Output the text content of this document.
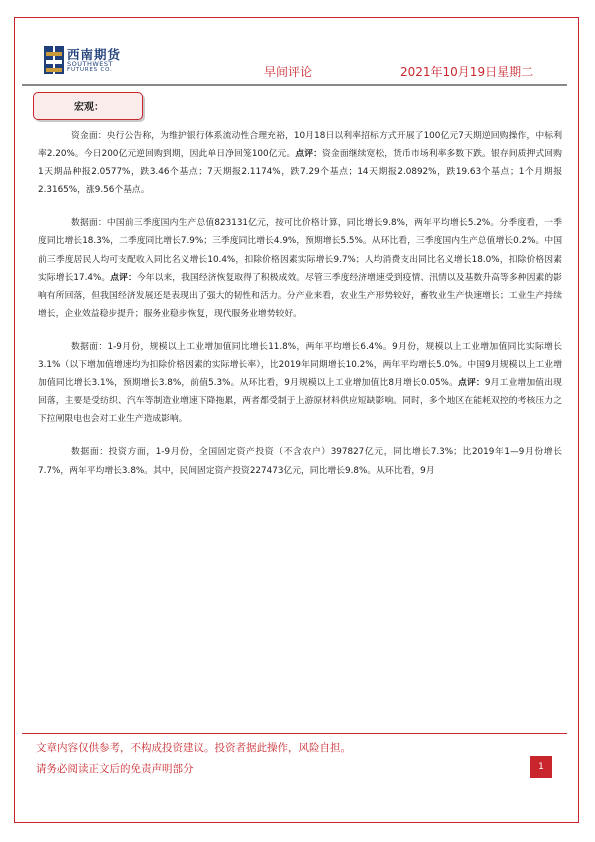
西南期货
SOUTHWEST
FUTURES CO.	早间评论	2021年10月19日星期二
宏观：

资金面：央行公告称，为维护银行体系流动性合理充裕，10月18日以利率招标方式开展了100亿元7天期逆回购操作，中标利率2.20%。今日200亿元逆回购到期，因此单日净回笼100亿元。点评：资金面继续宽松，货币市场利率多数下跌。银存间质押式回购1天期品种报2.0577%，跌3.46个基点；7天期报2.1174%，跌7.29个基点；14天期报2.0892%，跌19.63个基点；1个月期报2.3165%，涨9.56个基点。

数据面：中国前三季度国内生产总值823131亿元，按可比价格计算，同比增长9.8%，两年平均增长5.2%。分季度看，一季度同比增长18.3%，二季度同比增长7.9%；三季度同比增长4.9%，预期增长5.5%。从环比看，三季度国内生产总值增长0.2%。中国前三季度居民人均可支配收入同比名义增长10.4%，扣除价格因素实际增长9.7%；人均消费支出同比名义增长18.0%，扣除价格因素实际增长17.4%。点评：今年以来，我国经济恢复取得了积极成效。尽管三季度经济增速受到疫情、汛情以及基数升高等多种因素的影响有所回落，但我国经济发展还是表现出了强大的韧性和活力。分产业来看，农业生产形势较好，畜牧业生产快速增长；工业生产持续增长，企业效益稳步提升；服务业稳步恢复，现代服务业增势较好。

数据面：1-9月份，规模以上工业增加值同比增长11.8%，两年平均增长6.4%。9月份，规模以上工业增加值同比实际增长3.1%（以下增加值增速均为扣除价格因素的实际增长率），比2019年同期增长10.2%，两年平均增长5.0%。中国9月规模以上工业增加值同比增长3.1%，预期增长3.8%，前值5.3%。从环比看，9月规模以上工业增加值比8月增长0.05%。点评：9月工业增加值出现回落，主要是受纺织、汽车等制造业增速下降拖累，两者都受制于上游原材料供应短缺影响。同时，多个地区在能耗双控的考核压力之下拉闸限电也会对工业生产造成影响。

数据面：投资方面，1-9月份，全国固定资产投资（不含农户）397827亿元，同比增长7.3%；比2019年1—9月份增长7.7%，两年平均增长3.8%。其中，民间固定资产投资227473亿元，同比增长9.8%。从环比看，9月

文章内容仅供参考，不构成投资建议。投资者据此操作，风险自担。
请务必阅读正文后的免责声明部分	1
